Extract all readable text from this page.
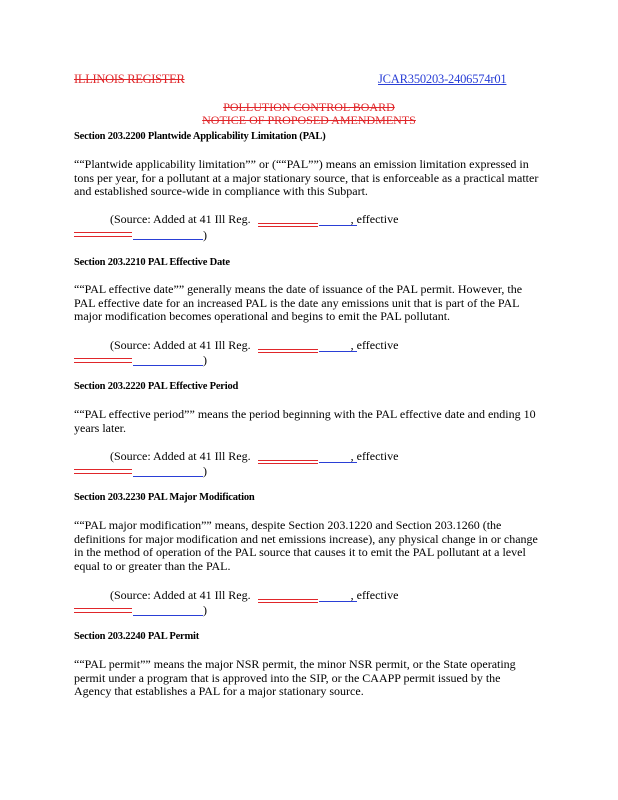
ILLINOIS REGISTER	JCAR350203-2406574r01
POLLUTION CONTROL BOARD
NOTICE OF PROPOSED AMENDMENTS
Section 203.2200 Plantwide Applicability Limitation (PAL)
““Plantwide applicability limitation”” or (““PAL””) means an emission limitation expressed in
tons per year, for a pollutant at a major stationary source, that is enforceable as a practical matter
and established source-wide in compliance with this Subpart.
(Source: Added at 41 Ill Reg.	, effective
)
Section 203.2210 PAL Effective Date
““PAL effective date”” generally means the date of issuance of the PAL permit. However, the
PAL effective date for an increased PAL is the date any emissions unit that is part of the PAL
major modification becomes operational and begins to emit the PAL pollutant.
(Source: Added at 41 Ill Reg.	, effective
)
Section 203.2220 PAL Effective Period
““PAL effective period”” means the period beginning with the PAL effective date and ending 10
years later.
(Source: Added at 41 Ill Reg.	, effective
)
Section 203.2230 PAL Major Modification
““PAL major modification”” means, despite Section 203.1220 and Section 203.1260 (the
definitions for major modification and net emissions increase), any physical change in or change
in the method of operation of the PAL source that causes it to emit the PAL pollutant at a level
equal to or greater than the PAL.
(Source: Added at 41 Ill Reg.	, effective
)
Section 203.2240 PAL Permit
““PAL permit”” means the major NSR permit, the minor NSR permit, or the State operating
permit under a program that is approved into the SIP, or the CAAPP permit issued by the
Agency that establishes a PAL for a major stationary source.
